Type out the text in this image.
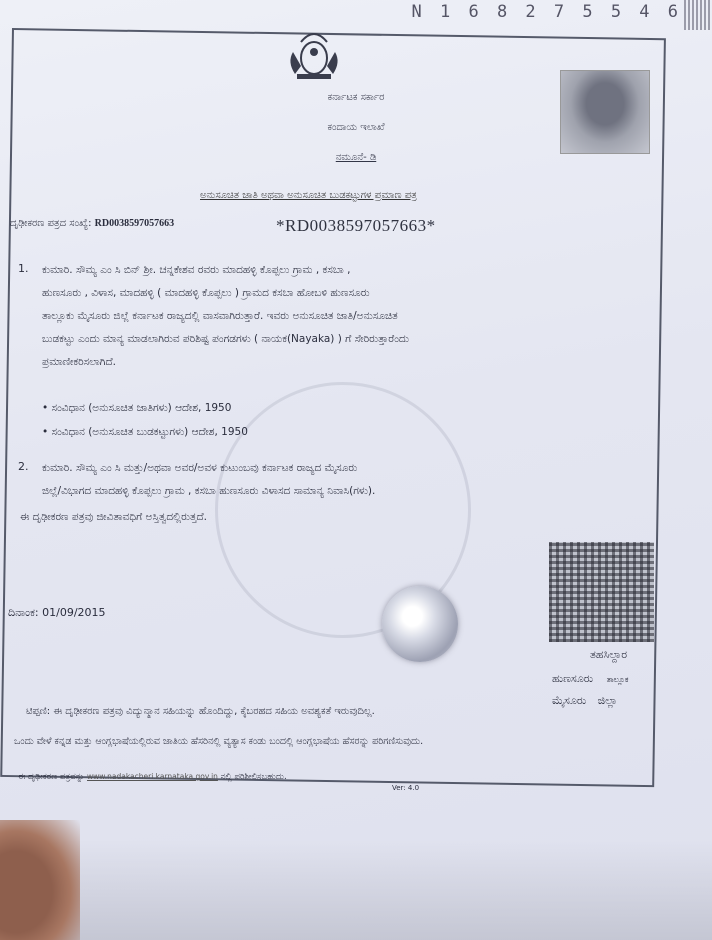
N 1 6 8 2 7 5 5 4 6
ಕರ್ನಾಟಕ ಸರ್ಕಾರ
ಕಂದಾಯ ಇಲಾಖೆ
ನಮೂನೆ- ಡಿ
ಅನುಸೂಚಿತ ಜಾತಿ ಅಥವಾ ಅನುಸೂಚಿತ ಬುಡಕಟ್ಟುಗಳ ಪ್ರಮಾಣ ಪತ್ರ
ದೃಢೀಕರಣ ಪತ್ರದ ಸಂಖ್ಯೆ: RD0038597057663	*RD0038597057663*
1. ಕುಮಾರಿ. ಸೌಮ್ಯ ಎಂ ಸಿ ಬಿನ್ ಶ್ರೀ. ಚನ್ನಕೇಶವ ರವರು ಮಾದಹಳ್ಳಿ ಕೊಪ್ಪಲು ಗ್ರಾಮ , ಕಸಬಾ ,
ಹುಣಸೂರು , ವಿಳಾಸ, ಮಾದಹಳ್ಳಿ ( ಮಾದಹಳ್ಳಿ ಕೊಪ್ಪಲು ) ಗ್ರಾಮದ ಕಸಬಾ ಹೋಬಳಿ ಹುಣಸೂರು
ತಾಲ್ಲೂಕು ಮೈಸೂರು ಜಿಲ್ಲೆ ಕರ್ನಾಟಕ ರಾಜ್ಯದಲ್ಲಿ ವಾಸವಾಗಿರುತ್ತಾರೆ. ಇವರು ಅನುಸೂಚಿತ ಜಾತಿ/ಅನುಸೂಚಿತ
ಬುಡಕಟ್ಟು ಎಂದು ಮಾನ್ಯ ಮಾಡಲಾಗಿರುವ ಪರಿಶಿಷ್ಟ ಪಂಗಡಗಳು ( ನಾಯಕ(Nayaka) ) ಗೆ ಸೇರಿರುತ್ತಾರೆಂದು
ಪ್ರಮಾಣೀಕರಿಸಲಾಗಿದೆ.
• ಸಂವಿಧಾನ (ಅನುಸೂಚಿತ ಜಾತಿಗಳು) ಆದೇಶ, 1950
• ಸಂವಿಧಾನ (ಅನುಸೂಚಿತ ಬುಡಕಟ್ಟುಗಳು) ಆದೇಶ, 1950
2. ಕುಮಾರಿ. ಸೌಮ್ಯ ಎಂ ಸಿ ಮತ್ತು/ಅಥವಾ ಅವರ/ಅವಳ ಕುಟುಂಬವು ಕರ್ನಾಟಕ ರಾಜ್ಯದ ಮೈಸೂರು
ಜಿಲ್ಲೆ/ವಿಭಾಗದ ಮಾದಹಳ್ಳಿ ಕೊಪ್ಪಲು ಗ್ರಾಮ , ಕಸಬಾ ಹುಣಸೂರು ವಿಳಾಸದ ಸಾಮಾನ್ಯ ನಿವಾಸಿ(ಗಳು).
ಈ ದೃಢೀಕರಣ ಪತ್ರವು ಜೀವಿತಾವಧಿಗೆ ಅಸ್ತಿತ್ವದಲ್ಲಿರುತ್ತದೆ.
ದಿನಾಂಕ: 01/09/2015
ತಹಸಿಲ್ದಾರ
ಹುಣಸೂರು ತಾಲ್ಲೂಕ
ಮೈಸೂರು ಜಿಲ್ಲಾ
ಟಿಪ್ಪಣಿ: ಈ ದೃಢೀಕರಣ ಪತ್ರವು ವಿದ್ಯುನ್ಮಾನ ಸಹಿಯನ್ನು ಹೊಂದಿದ್ದು, ಕೈಬರಹದ ಸಹಿಯ ಅವಶ್ಯಕತೆ ಇರುವುದಿಲ್ಲ.
ಒಂದು ವೇಳೆ ಕನ್ನಡ ಮತ್ತು ಆಂಗ್ಲಭಾಷೆಯಲ್ಲಿರುವ ಜಾತಿಯ ಹೆಸರಿನಲ್ಲಿ ವ್ಯತ್ಯಾಸ ಕಂಡು ಬಂದಲ್ಲಿ ಆಂಗ್ಲಭಾಷೆಯ ಹೆಸರನ್ನು ಪರಿಗಣಿಸುವುದು.
ಈ ದೃಢೀಕರಣ ಪತ್ರವನ್ನು www.nadakacheri.karnataka.gov.in ನಲ್ಲಿ ಪರಿಶೀಲಿಸಬಹುದು.
Ver: 4.0
